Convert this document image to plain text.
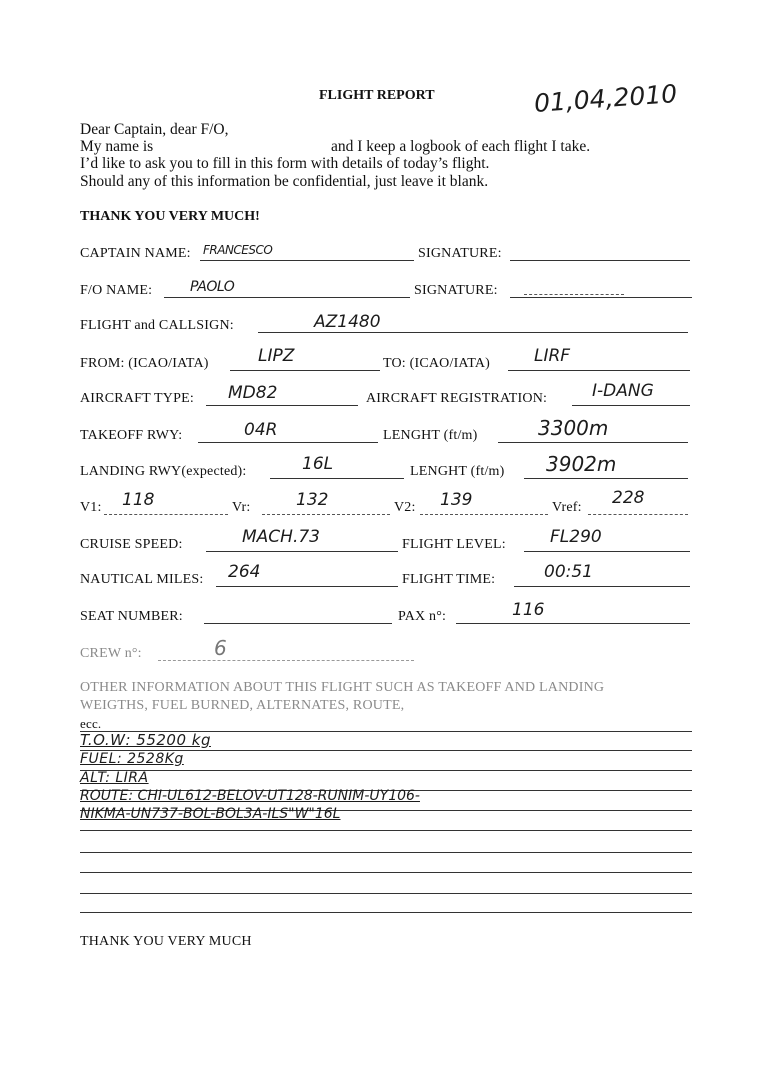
FLIGHT REPORT	01,04,2010
Dear Captain, dear F/O,
My name is	and I keep a logbook of each flight I take.
I’d like to ask you to fill in this form with details of today’s flight.
Should any of this information be confidential, just leave it blank.
THANK YOU VERY MUCH!
CAPTAIN NAME: FRANCESCO	SIGNATURE:
F/O NAME:	PAOLO	SIGNATURE:
FLIGHT and CALLSIGN:	AZ1480
FROM: (ICAO/IATA)	LIPZ	TO: (ICAO/IATA)	LIRF
AIRCRAFT TYPE: MD82	AIRCRAFT REGISTRATION:	I-DANG
TAKEOFF RWY:	04R	LENGHT (ft/m)	3300m
LANDING RWY(expected):	16L	LENGHT (ft/m) 3902m
V1: 118	Vr:	132	V2: 139	Vref: 228
CRUISE SPEED:	MACH.73	FLIGHT LEVEL:	FL290
NAUTICAL MILES: 264	FLIGHT TIME:	00:51
SEAT NUMBER:	PAX n°:	116
CREW n°:	6
OTHER INFORMATION ABOUT THIS FLIGHT SUCH AS TAKEOFF AND LANDING
WEIGTHS, FUEL BURNED, ALTERNATES, ROUTE,
ecc.
T.O.W: 55200 kg
FUEL: 2528Kg
ALT: LIRA
ROUTE: CHI-UL612-BELOV-UT128-RUNIM-UY106-
NIKMA-UN737-BOL-BOL3A-ILS"W"16L
THANK YOU VERY MUCH
